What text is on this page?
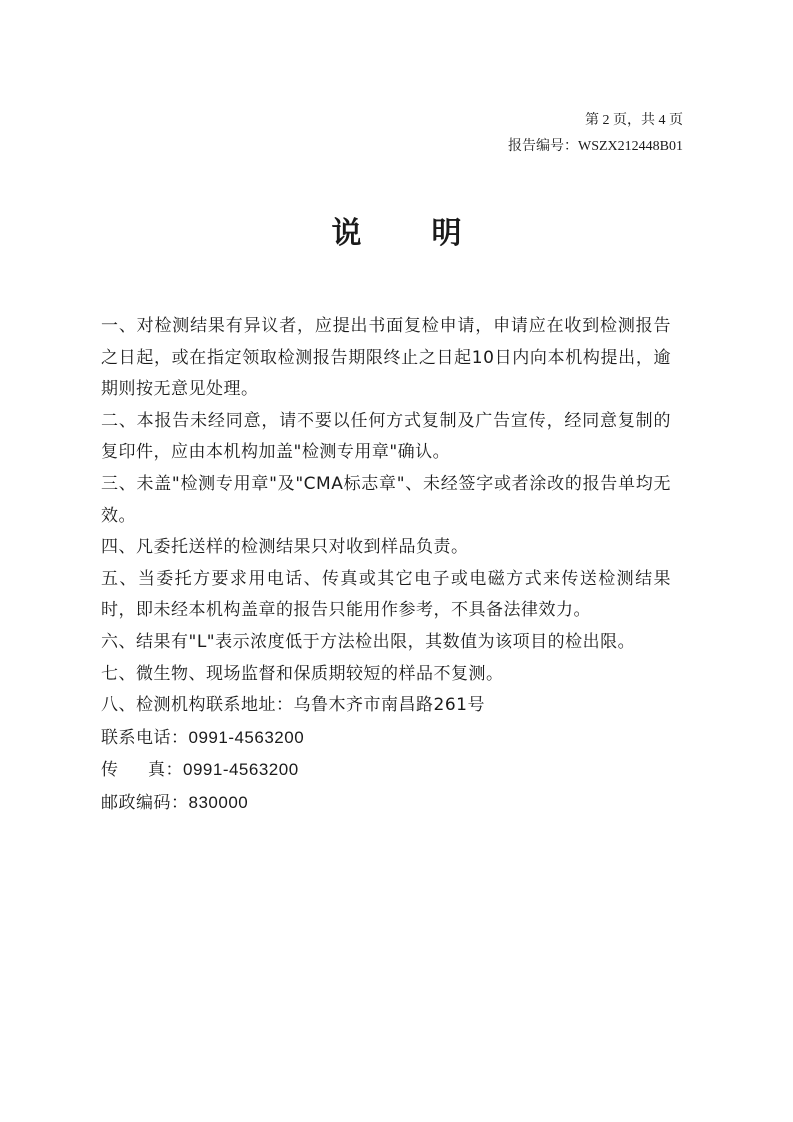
第 2 页，共 4 页
报告编号：WSZX212448B01
说明

一、对检测结果有异议者，应提出书面复检申请，申请应在收到检测报告之日起，或在指定领取检测报告期限终止之日起10日内向本机构提出，逾期则按无意见处理。

二、本报告未经同意，请不要以任何方式复制及广告宣传，经同意复制的复印件，应由本机构加盖"检测专用章"确认。

三、未盖"检测专用章"及"CMA标志章"、未经签字或者涂改的报告单均无效。

四、凡委托送样的检测结果只对收到样品负责。

五、当委托方要求用电话、传真或其它电子或电磁方式来传送检测结果时，即未经本机构盖章的报告只能用作参考，不具备法律效力。

六、结果有"L"表示浓度低于方法检出限，其数值为该项目的检出限。

七、微生物、现场监督和保质期较短的样品不复测。

八、检测机构联系地址：乌鲁木齐市南昌路261号

联系电话：0991-4563200

传真：0991-4563200

邮政编码：830000
